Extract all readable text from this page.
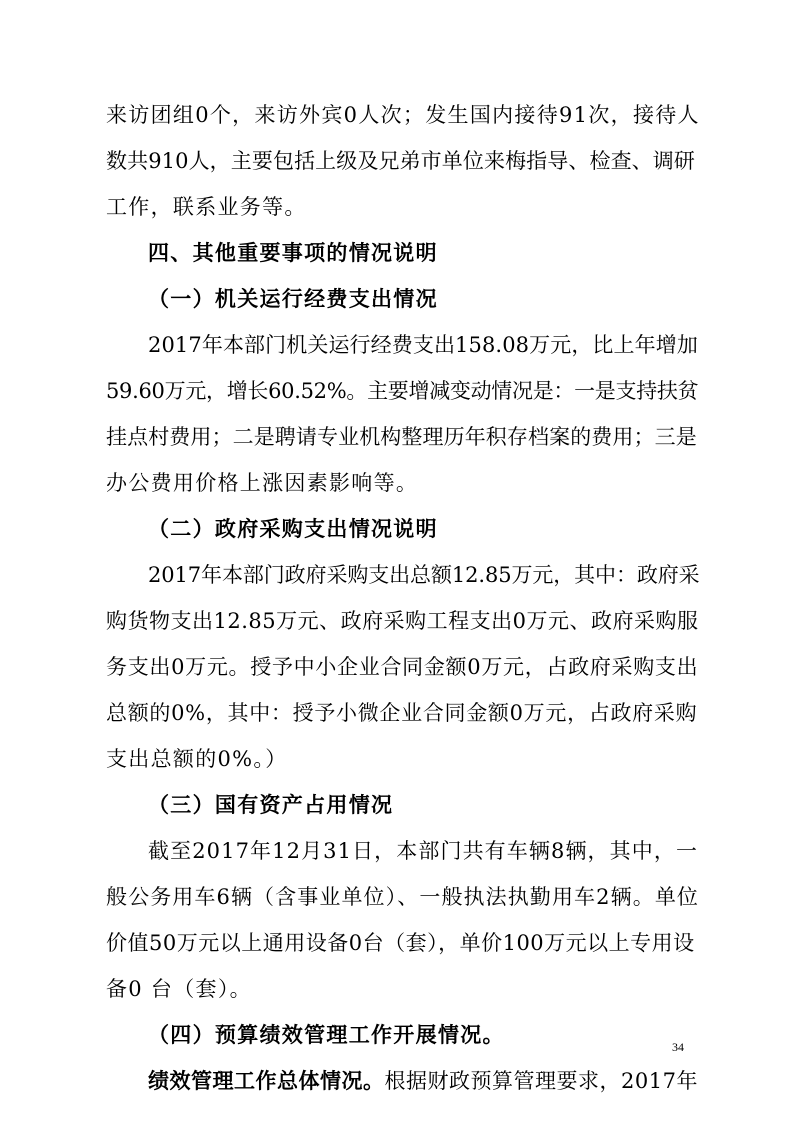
来访团组0个，来访外宾0人次；发生国内接待91次，接待人
数共910人，主要包括上级及兄弟市单位来梅指导、检查、调研
工作，联系业务等。
四、其他重要事项的情况说明
（一）机关运行经费支出情况
2017年本部门机关运行经费支出158.08万元，比上年增加
59.60万元，增长60.52%。主要增减变动情况是：一是支持扶贫
挂点村费用；二是聘请专业机构整理历年积存档案的费用；三是
办公费用价格上涨因素影响等。
（二）政府采购支出情况说明
2017年本部门政府采购支出总额12.85万元，其中：政府采
购货物支出12.85万元、政府采购工程支出0万元、政府采购服
务支出0万元。授予中小企业合同金额0万元，占政府采购支出
总额的0%，其中：授予小微企业合同金额0万元，占政府采购
支出总额的0%。）
（三）国有资产占用情况
截至2017年12月31日，本部门共有车辆8辆，其中，一
般公务用车6辆（含事业单位）、一般执法执勤用车2辆。单位
价值50万元以上通用设备0台（套），单价100万元以上专用设
备0 台（套）。
（四）预算绩效管理工作开展情况。
绩效管理工作总体情况。根据财政预算管理要求，2017年
34
